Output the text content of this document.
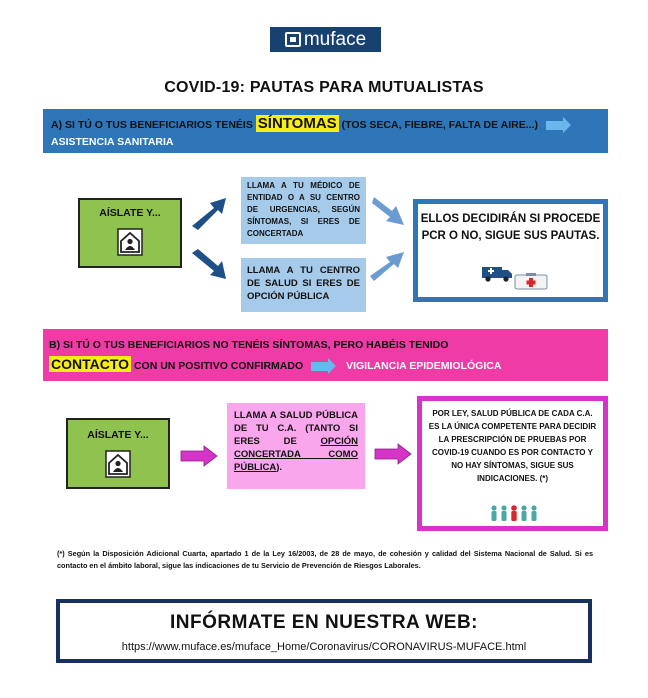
muface
COVID-19: PAUTAS PARA MUTUALISTAS
A) SI TÚ O TUS BENEFICIARIOS TENÉIS SÍNTOMAS (TOS SECA, FIEBRE, FALTA DE AIRE...) ASISTENCIA SANITARIA
AÍSLATE Y...
LLAMA A TU MÉDICO DE ENTIDAD O A SU CENTRO DE URGENCIAS, SEGÚN SÍNTOMAS, SI ERES DE CONCERTADA
LLAMA A TU CENTRO DE SALUD SI ERES DE OPCIÓN PÚBLICA
ELLOS DECIDIRÁN SI PROCEDE PCR O NO, SIGUE SUS PAUTAS.
B) SI TÚ O TUS BENEFICIARIOS NO TENÉIS SÍNTOMAS, PERO HABÉIS TENIDO
CONTACTO CON UN POSITIVO CONFIRMADO	VIGILANCIA EPIDEMIOLÓGICA
AÍSLATE Y...
LLAMA A SALUD PÚBLICA DE TU C.A. (TANTO SI ERES DE OPCIÓN CONCERTADA COMO PÚBLICA).
POR LEY, SALUD PÚBLICA DE CADA C.A. ES LA ÚNICA COMPETENTE PARA DECIDIR LA PRESCRIPCIÓN DE PRUEBAS POR COVID-19 CUANDO ES POR CONTACTO Y NO HAY SÍNTOMAS, SIGUE SUS INDICACIONES. (*)
(*) Según la Disposición Adicional Cuarta, apartado 1 de la Ley 16/2003, de 28 de mayo, de cohesión y calidad del Sistema Nacional de Salud. Si es contacto en el ámbito laboral, sigue las indicaciones de tu Servicio de Prevención de Riesgos Laborales.
INFÓRMATE EN NUESTRA WEB:
https://www.muface.es/muface_Home/Coronavirus/CORONAVIRUS-MUFACE.html
